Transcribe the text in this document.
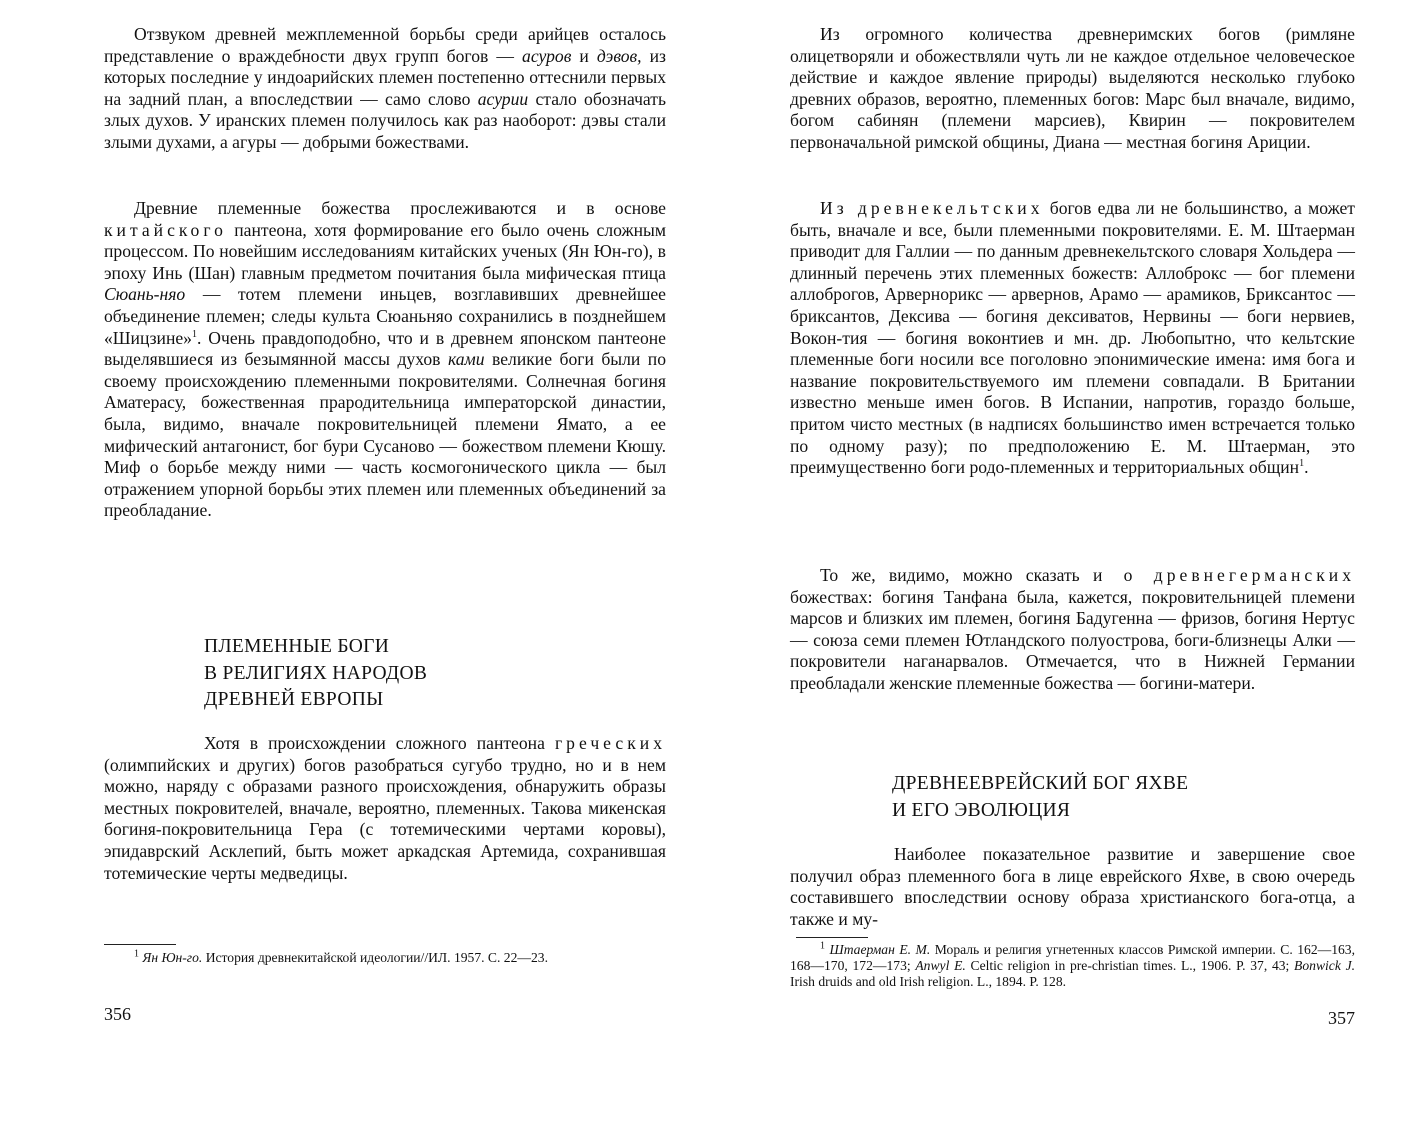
Отзвуком древней межплеменной борьбы среди арийцев осталось представление о враждебности двух групп богов — асуров и дэвов, из которых последние у индоарийских племен постепенно оттеснили первых на задний план, а впоследствии — само слово асурии стало обозначать злых духов. У иранских племен получилось как раз наоборот: дэвы стали злыми духами, а агуры — добрыми божествами.

Древние племенные божества прослеживаются и в основе китайского пантеона, хотя формирование его было очень сложным процессом. По новейшим исследованиям китайских ученых (Ян Юн-го), в эпоху Инь (Шан) главным предметом почитания была мифическая птица Сюань-няо — тотем племени иньцев, возглавивших древнейшее объединение племен; следы культа Сюаньняо сохранились в позднейшем «Шицзине»$^1$. Очень правдоподобно, что и в древнем японском пантеоне выделявшиеся из безымянной массы духов ками великие боги были по своему происхождению племенными покровителями. Солнечная богиня Аматерасу, божественная прародительница императорской династии, была, видимо, вначале покровительницей племени Ямато, а ее мифический антагонист, бог бури Сусаново — божеством племени Кюшу. Миф о борьбе между ними — часть космогонического цикла — был отражением упорной борьбы этих племен или племенных объединений за преобладание.

ПЛЕМЕННЫЕ БОГИ
В РЕЛИГИЯХ НАРОДОВ
ДРЕВНЕЙ ЕВРОПЫ

Хотя в происхождении сложного пантеона греческих (олимпийских и других) богов разобраться сугубо трудно, но и в нем можно, наряду с образами разного происхождения, обнаружить образы местных покровителей, вначале, вероятно, племенных. Такова микенская богиня-покровительница Гера (с тотемическими чертами коровы), эпидаврский Асклепий, быть может аркадская Артемида, сохранившая тотемические черты медведицы.

$^1$ Ян Юн-го. История древнекитайской идеологии//ИЛ. 1957. С. 22—23.

356

Из огромного количества древнеримских богов (римляне олицетворяли и обожествляли чуть ли не каждое отдельное человеческое действие и каждое явление природы) выделяются несколько глубоко древних образов, вероятно, племенных богов: Марс был вначале, видимо, богом сабинян (племени марсиев), Квирин — покровителем первоначальной римской общины, Диана — местная богиня Ариции.

Из древнекельтских богов едва ли не большинство, а может быть, вначале и все, были племенными покровителями. Е. М. Штаерман приводит для Галлии — по данным древнекельтского словаря Хольдера — длинный перечень этих племенных божеств: Аллоброкс — бог племени аллоброгов, Арвернорикс — арвернов, Арамо — арамиков, Бриксантос — бриксантов, Дексива — богиня дексиватов, Нервины — боги нервиев, Вокон-тия — богиня воконтиев и мн. др. Любопытно, что кельтские племенные боги носили все поголовно эпонимические имена: имя бога и название покровительствуемого им племени совпадали. В Британии известно меньше имен богов. В Испании, напротив, гораздо больше, притом чисто местных (в надписях большинство имен встречается только по одному разу); по предположению Е. М. Штаерман, это преимущественно боги родо-племенных и территориальных общин$^1$.

То же, видимо, можно сказать и о древнегерманских божествах: богиня Танфана была, кажется, покровительницей племени марсов и близких им племен, богиня Бадугенна — фризов, богиня Нертус — союза семи племен Ютландского полуострова, боги-близнецы Алки — покровители наганарвалов. Отмечается, что в Нижней Германии преобладали женские племенные божества — богини-матери.

ДРЕВНЕЕВРЕЙСКИЙ БОГ ЯХВЕ
И ЕГО ЭВОЛЮЦИЯ

Наиболее показательное развитие и завершение свое получил образ племенного бога в лице еврейского Яхве, в свою очередь составившего впоследствии основу образа христианского бога-отца, а также и му-

$^1$ Штаерман Е. М. Мораль и религия угнетенных классов Римской империи. С. 162—163, 168—170, 172—173; Anwyl E. Celtic religion in pre-christian times. L., 1906. P. 37, 43; Bonwick J. Irish druids and old Irish religion. L., 1894. P. 128.

357
